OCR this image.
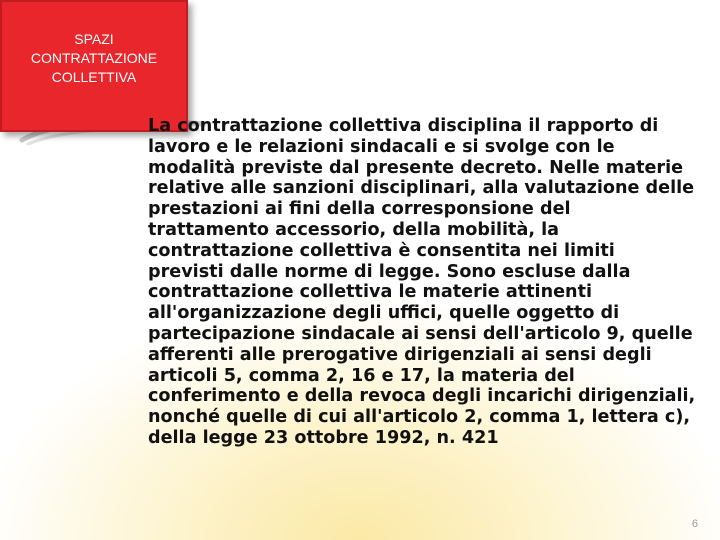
SPAZI
CONTRATTAZIONE
COLLETTIVA

La contrattazione collettiva disciplina il rapporto di lavoro e le relazioni sindacali e si svolge con le modalità previste dal presente decreto. Nelle materie relative alle sanzioni disciplinari, alla valutazione delle prestazioni ai fini della corresponsione del trattamento accessorio, della mobilità, la contrattazione collettiva è consentita nei limiti previsti dalle norme di legge. Sono escluse dalla contrattazione collettiva le materie attinenti all'organizzazione degli uffici, quelle oggetto di partecipazione sindacale ai sensi dell'articolo 9, quelle afferenti alle prerogative dirigenziali ai sensi degli articoli 5, comma 2, 16 e 17, la materia del conferimento e della revoca degli incarichi dirigenziali, nonché quelle di cui all'articolo 2, comma 1, lettera c), della legge 23 ottobre 1992, n. 421

6
